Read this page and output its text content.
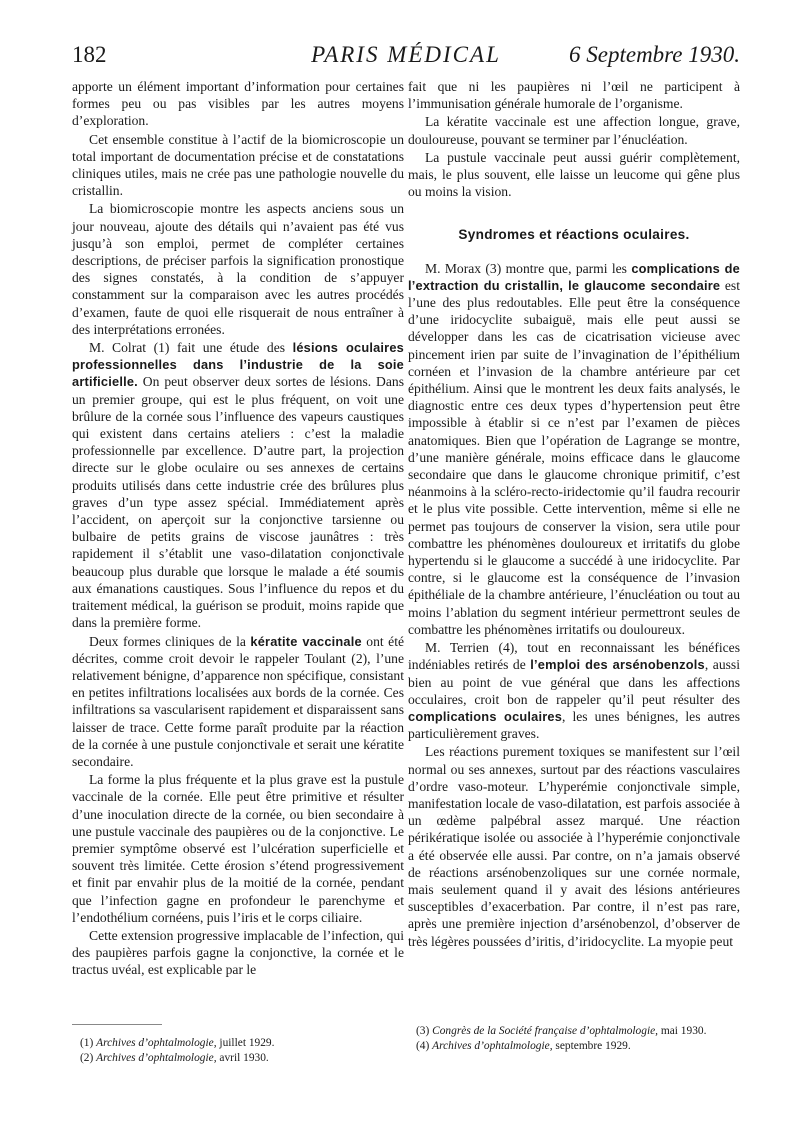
182	PARIS MÉDICAL	6 Septembre 1930.

apporte un élément important d’information pour certaines formes peu ou pas visibles par les autres moyens d’exploration.

Cet ensemble constitue à l’actif de la biomicroscopie un total important de documentation précise et de constatations cliniques utiles, mais ne crée pas une pathologie nouvelle du cristallin.

La biomicroscopie montre les aspects anciens sous un jour nouveau, ajoute des détails qui n’avaient pas été vus jusqu’à son emploi, permet de compléter certaines descriptions, de préciser parfois la signification pronostique des signes constatés, à la condition de s’appuyer constamment sur la comparaison avec les autres procédés d’examen, faute de quoi elle risquerait de nous entraîner à des interprétations erronées.

M. Colrat (1) fait une étude des lésions oculaires professionnelles dans l’industrie de la soie artificielle. On peut observer deux sortes de lésions. Dans un premier groupe, qui est le plus fréquent, on voit une brûlure de la cornée sous l’influence des vapeurs caustiques qui existent dans certains ateliers : c’est la maladie professionnelle par excellence. D’autre part, la projection directe sur le globe oculaire ou ses annexes de certains produits utilisés dans cette industrie crée des brûlures plus graves d’un type assez spécial. Immédiatement après l’accident, on aperçoit sur la conjonctive tarsienne ou bulbaire de petits grains de viscose jaunâtres : très rapidement il s’établit une vaso-dilatation conjonctivale beaucoup plus durable que lorsque le malade a été soumis aux émanations caustiques. Sous l’influence du repos et du traitement médical, la guérison se produit, moins rapide que dans la première forme.

Deux formes cliniques de la kératite vaccinale ont été décrites, comme croit devoir le rappeler Toulant (2), l’une relativement bénigne, d’apparence non spécifique, consistant en petites infiltrations localisées aux bords de la cornée. Ces infiltrations sa vascularisent rapidement et disparaissent sans laisser de trace. Cette forme paraît produite par la réaction de la cornée à une pustule conjonctivale et serait une kératite secondaire.

La forme la plus fréquente et la plus grave est la pustule vaccinale de la cornée. Elle peut être primitive et résulter d’une inoculation directe de la cornée, ou bien secondaire à une pustule vaccinale des paupières ou de la conjonctive. Le premier symptôme observé est l’ulcération superficielle et souvent très limitée. Cette érosion s’étend progressivement et finit par envahir plus de la moitié de la cornée, pendant que l’infection gagne en profondeur le parenchyme et l’endothélium cornéens, puis l’iris et le corps ciliaire.

Cette extension progressive implacable de l’infection, qui des paupières parfois gagne la conjonctive, la cornée et le tractus uvéal, est explicable par le

fait que ni les paupières ni l’œil ne participent à l’immunisation générale humorale de l’organisme.

La kératite vaccinale est une affection longue, grave, douloureuse, pouvant se terminer par l’énucléation.

La pustule vaccinale peut aussi guérir complètement, mais, le plus souvent, elle laisse un leucome qui gêne plus ou moins la vision.

Syndromes et réactions oculaires.

M. Morax (3) montre que, parmi les complications de l’extraction du cristallin, le glaucome secondaire est l’une des plus redoutables. Elle peut être la conséquence d’une iridocyclite subaiguë, mais elle peut aussi se développer dans les cas de cicatrisation vicieuse avec pincement irien par suite de l’invagination de l’épithélium cornéen et l’invasion de la chambre antérieure par cet épithélium. Ainsi que le montrent les deux faits analysés, le diagnostic entre ces deux types d’hypertension peut être impossible à établir si ce n’est par l’examen de pièces anatomiques. Bien que l’opération de Lagrange se montre, d’une manière générale, moins efficace dans le glaucome secondaire que dans le glaucome chronique primitif, c’est néanmoins à la scléro-recto-iridectomie qu’il faudra recourir et le plus vite possible. Cette intervention, même si elle ne permet pas toujours de conserver la vision, sera utile pour combattre les phénomènes douloureux et irritatifs du globe hypertendu si le glaucome a succédé à une iridocyclite. Par contre, si le glaucome est la conséquence de l’invasion épithéliale de la chambre antérieure, l’énucléation ou tout au moins l’ablation du segment intérieur permettront seules de combattre les phénomènes irritatifs ou douloureux.

M. Terrien (4), tout en reconnaissant les bénéfices indéniables retirés de l’emploi des arsénobenzols, aussi bien au point de vue général que dans les affections occulaires, croit bon de rappeler qu’il peut résulter des complications oculaires, les unes bénignes, les autres particulièrement graves.

Les réactions purement toxiques se manifestent sur l’œil normal ou ses annexes, surtout par des réactions vasculaires d’ordre vaso-moteur. L’hyperémie conjonctivale simple, manifestation locale de vaso-dilatation, est parfois associée à un œdème palpébral assez marqué. Une réaction périkératique isolée ou associée à l’hyperémie conjonctivale a été observée elle aussi. Par contre, on n’a jamais observé de réactions arsénobenzoliques sur une cornée normale, mais seulement quand il y avait des lésions antérieures susceptibles d’exacerbation. Par contre, il n’est pas rare, après une première injection d’arsénobenzol, d’observer de très légères poussées d’iritis, d’iridocyclite. La myopie peut

(1) Archives d’ophtalmologie, juillet 1929.
(2) Archives d’ophtalmologie, avril 1930.
(3) Congrès de la Société française d’ophtalmologie, mai 1930.
(4) Archives d’ophtalmologie, septembre 1929.
